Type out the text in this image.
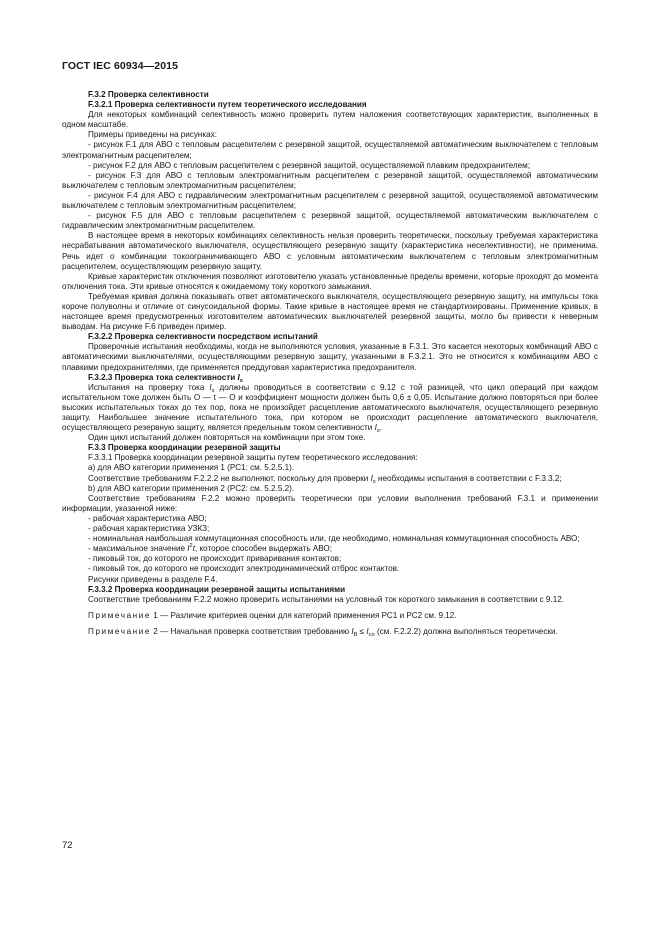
ГОСТ IEC 60934—2015

F.3.2 Проверка селективности

F.3.2.1 Проверка селективности путем теоретического исследования

Для некоторых комбинаций селективность можно проверить путем наложения соответствующих характеристик, выполненных в одном масштабе.

Примеры приведены на рисунках:

- рисунок F.1 для АВО с тепловым расцепителем с резервной защитой, осуществляемой автоматическим выключателем с тепловым электромагнитным расцепителем;

- рисунок F.2 для АВО с тепловым расцепителем с резервной защитой, осуществляемой плавким предохранителем;

- рисунок F.3 для АВО с тепловым электромагнитным расцепителем с резервной защитой, осуществляемой автоматическим выключателем с тепловым электромагнитным расцепителем;

- рисунок F.4 для АВО с гидравлическим электромагнитным расцепителем с резервной защитой, осуществляемой автоматическим выключателем с тепловым электромагнитным расцепителем;

- рисунок F.5 для АВО с тепловым расцепителем с резервной защитой, осуществляемой автоматическим выключателем с гидравлическим электромагнитным расцепителем.

В настоящее время в некоторых комбинациях селективность нельзя проверить теоретически, поскольку требуемая характеристика несрабатывания автоматического выключателя, осуществляющего резервную защиту (характеристика неселективности), не применима. Речь идет о комбинации токоограничивающего АВО с условным автоматическим выключателем с тепловым электромагнитным расцепителем, осуществляющим резервную защиту.

Кривые характеристик отключения позволяют изготовителю указать установленные пределы времени, которые проходят до момента отключения тока. Эти кривые относятся к ожидаемому току короткого замыкания.

Требуемая кривая должна показывать ответ автоматического выключателя, осуществляющего резервную защиту, на импульсы тока короче полуволны и отличие от синусоидальной формы. Такие кривые в настоящее время не стандартизированы. Применение кривых, в настоящее время предусмотренных изготовителем автоматических выключателей резервной защиты, могло бы привести к неверным выводам. На рисунке F.6 приведен пример.

F.3.2.2 Проверка селективности посредством испытаний

Проверочные испытания необходимы, когда не выполняются условия, указанные в F.3.1. Это касается некоторых комбинаций АВО с автоматическими выключателями, осуществляющими резервную защиту, указанными в F.3.2.1. Это не относится к комбинациям АВО с плавкими предохранителями, где применяется преддуговая характеристика предохранителя.

F.3.2.3 Проверка тока селективности $I_s$

Испытания на проверку тока $I_s$ должны проводиться в соответствии с 9.12 с той разницей, что цикл операций при каждом испытательном токе должен быть О — t — О и коэффициент мощности должен быть 0,6 ± 0,05. Испытание должно повторяться при более высоких испытательных токах до тех пор, пока не произойдет расцепление автоматического выключателя, осуществляющего резервную защиту. Наибольшее значение испытательного тока, при котором не происходит расцепление автоматического выключателя, осуществляющего резервную защиту, является предельным током селективности $I_s$.

Один цикл испытаний должен повторяться на комбинации при этом токе.

F.3.3 Проверка координации резервной защиты

F.3.3.1 Проверка координации резервной защиты путем теоретического исследования:

а) для АВО категории применения 1 (РС1: см. 5.2.5.1).

Соответствие требованиям F.2.2.2 не выполняют, поскольку для проверки $I_s$ необходимы испытания в соответствии с F.3.3.2;

b) для АВО категории применения 2 (РС2: см. 5.2.5.2).

Соответствие требованиям F.2.2 можно проверить теоретически при условии выполнения требований F.3.1 и применении информации, указанной ниже:

- рабочая характеристика АВО;

- рабочая характеристика УЗКЗ;

- номинальная наибольшая коммутационная способность или, где необходимо, номинальная коммутационная способность АВО;

- максимальное значение $I^2t$, которое способен выдержать АВО;

- пиковый ток, до которого не происходит приваривания контактов;

- пиковый ток, до которого не происходит электродинамический отброс контактов.

Рисунки приведены в разделе F.4.

F.3.3.2 Проверка координации резервной защиты испытаниями

Соответствие требованиям F.2.2 можно проверить испытаниями на условный ток короткого замыкания в соответствии с 9.12.

Примечание 1 — Различие критериев оценки для категорий применения РС1 и РС2 см. 9.12.

Примечание 2 — Начальная проверка соответствия требованию $I_B \le I_{cn}$ (см. F.2.2.2) должна выполняться теоретически.

72
